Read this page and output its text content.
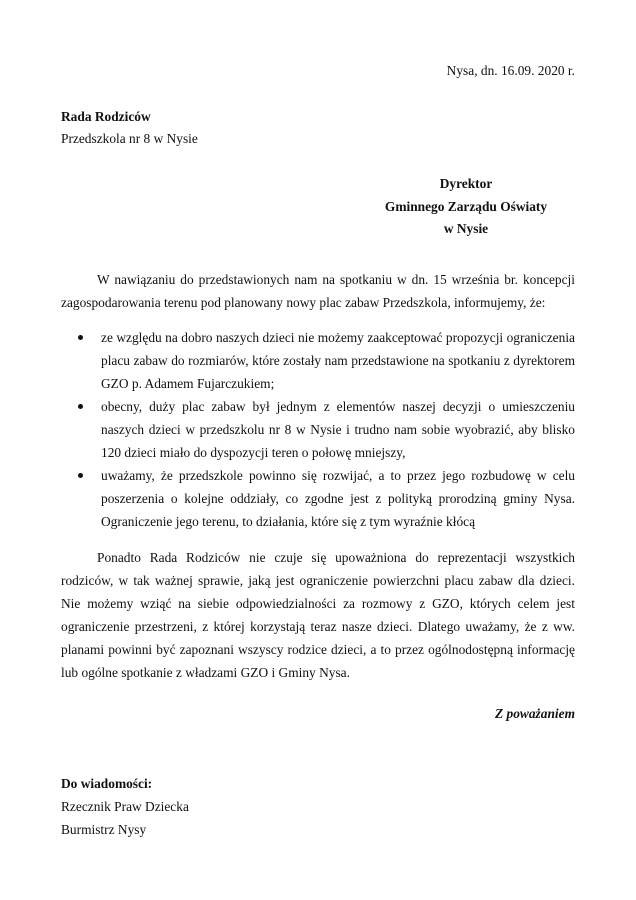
Nysa, dn. 16.09. 2020 r.
Rada Rodziców
Przedszkola nr 8 w Nysie
Dyrektor
Gminnego Zarządu Oświaty
w Nysie
W nawiązaniu do przedstawionych nam na spotkaniu w dn. 15 września br. koncepcji zagospodarowania terenu pod planowany nowy plac zabaw Przedszkola, informujemy, że:
ze względu na dobro naszych dzieci nie możemy zaakceptować propozycji ograniczenia placu zabaw do rozmiarów, które zostały nam przedstawione na spotkaniu z dyrektorem GZO p. Adamem Fujarczukiem;
obecny, duży plac zabaw był jednym z elementów naszej decyzji o umieszczeniu naszych dzieci w przedszkolu nr 8 w Nysie i trudno nam sobie wyobrazić, aby blisko 120 dzieci miało do dyspozycji teren o połowę mniejszy,
uważamy, że przedszkole powinno się rozwijać, a to przez jego rozbudowę w celu poszerzenia o kolejne oddziały, co zgodne jest z polityką prorodziną gminy Nysa. Ograniczenie jego terenu, to działania, które się z tym wyraźnie kłócą
Ponadto Rada Rodziców nie czuje się upoważniona do reprezentacji wszystkich rodziców, w tak ważnej sprawie, jaką jest ograniczenie powierzchni placu zabaw dla dzieci. Nie możemy wziąć na siebie odpowiedzialności za rozmowy z GZO, których celem jest ograniczenie przestrzeni, z której korzystają teraz nasze dzieci. Dlatego uważamy, że z ww. planami powinni być zapoznani wszyscy rodzice dzieci, a to przez ogólnodostępną informację lub ogólne spotkanie z władzami GZO i Gminy Nysa.
Z poważaniem
Do wiadomości:
Rzecznik Praw Dziecka
Burmistrz Nysy
